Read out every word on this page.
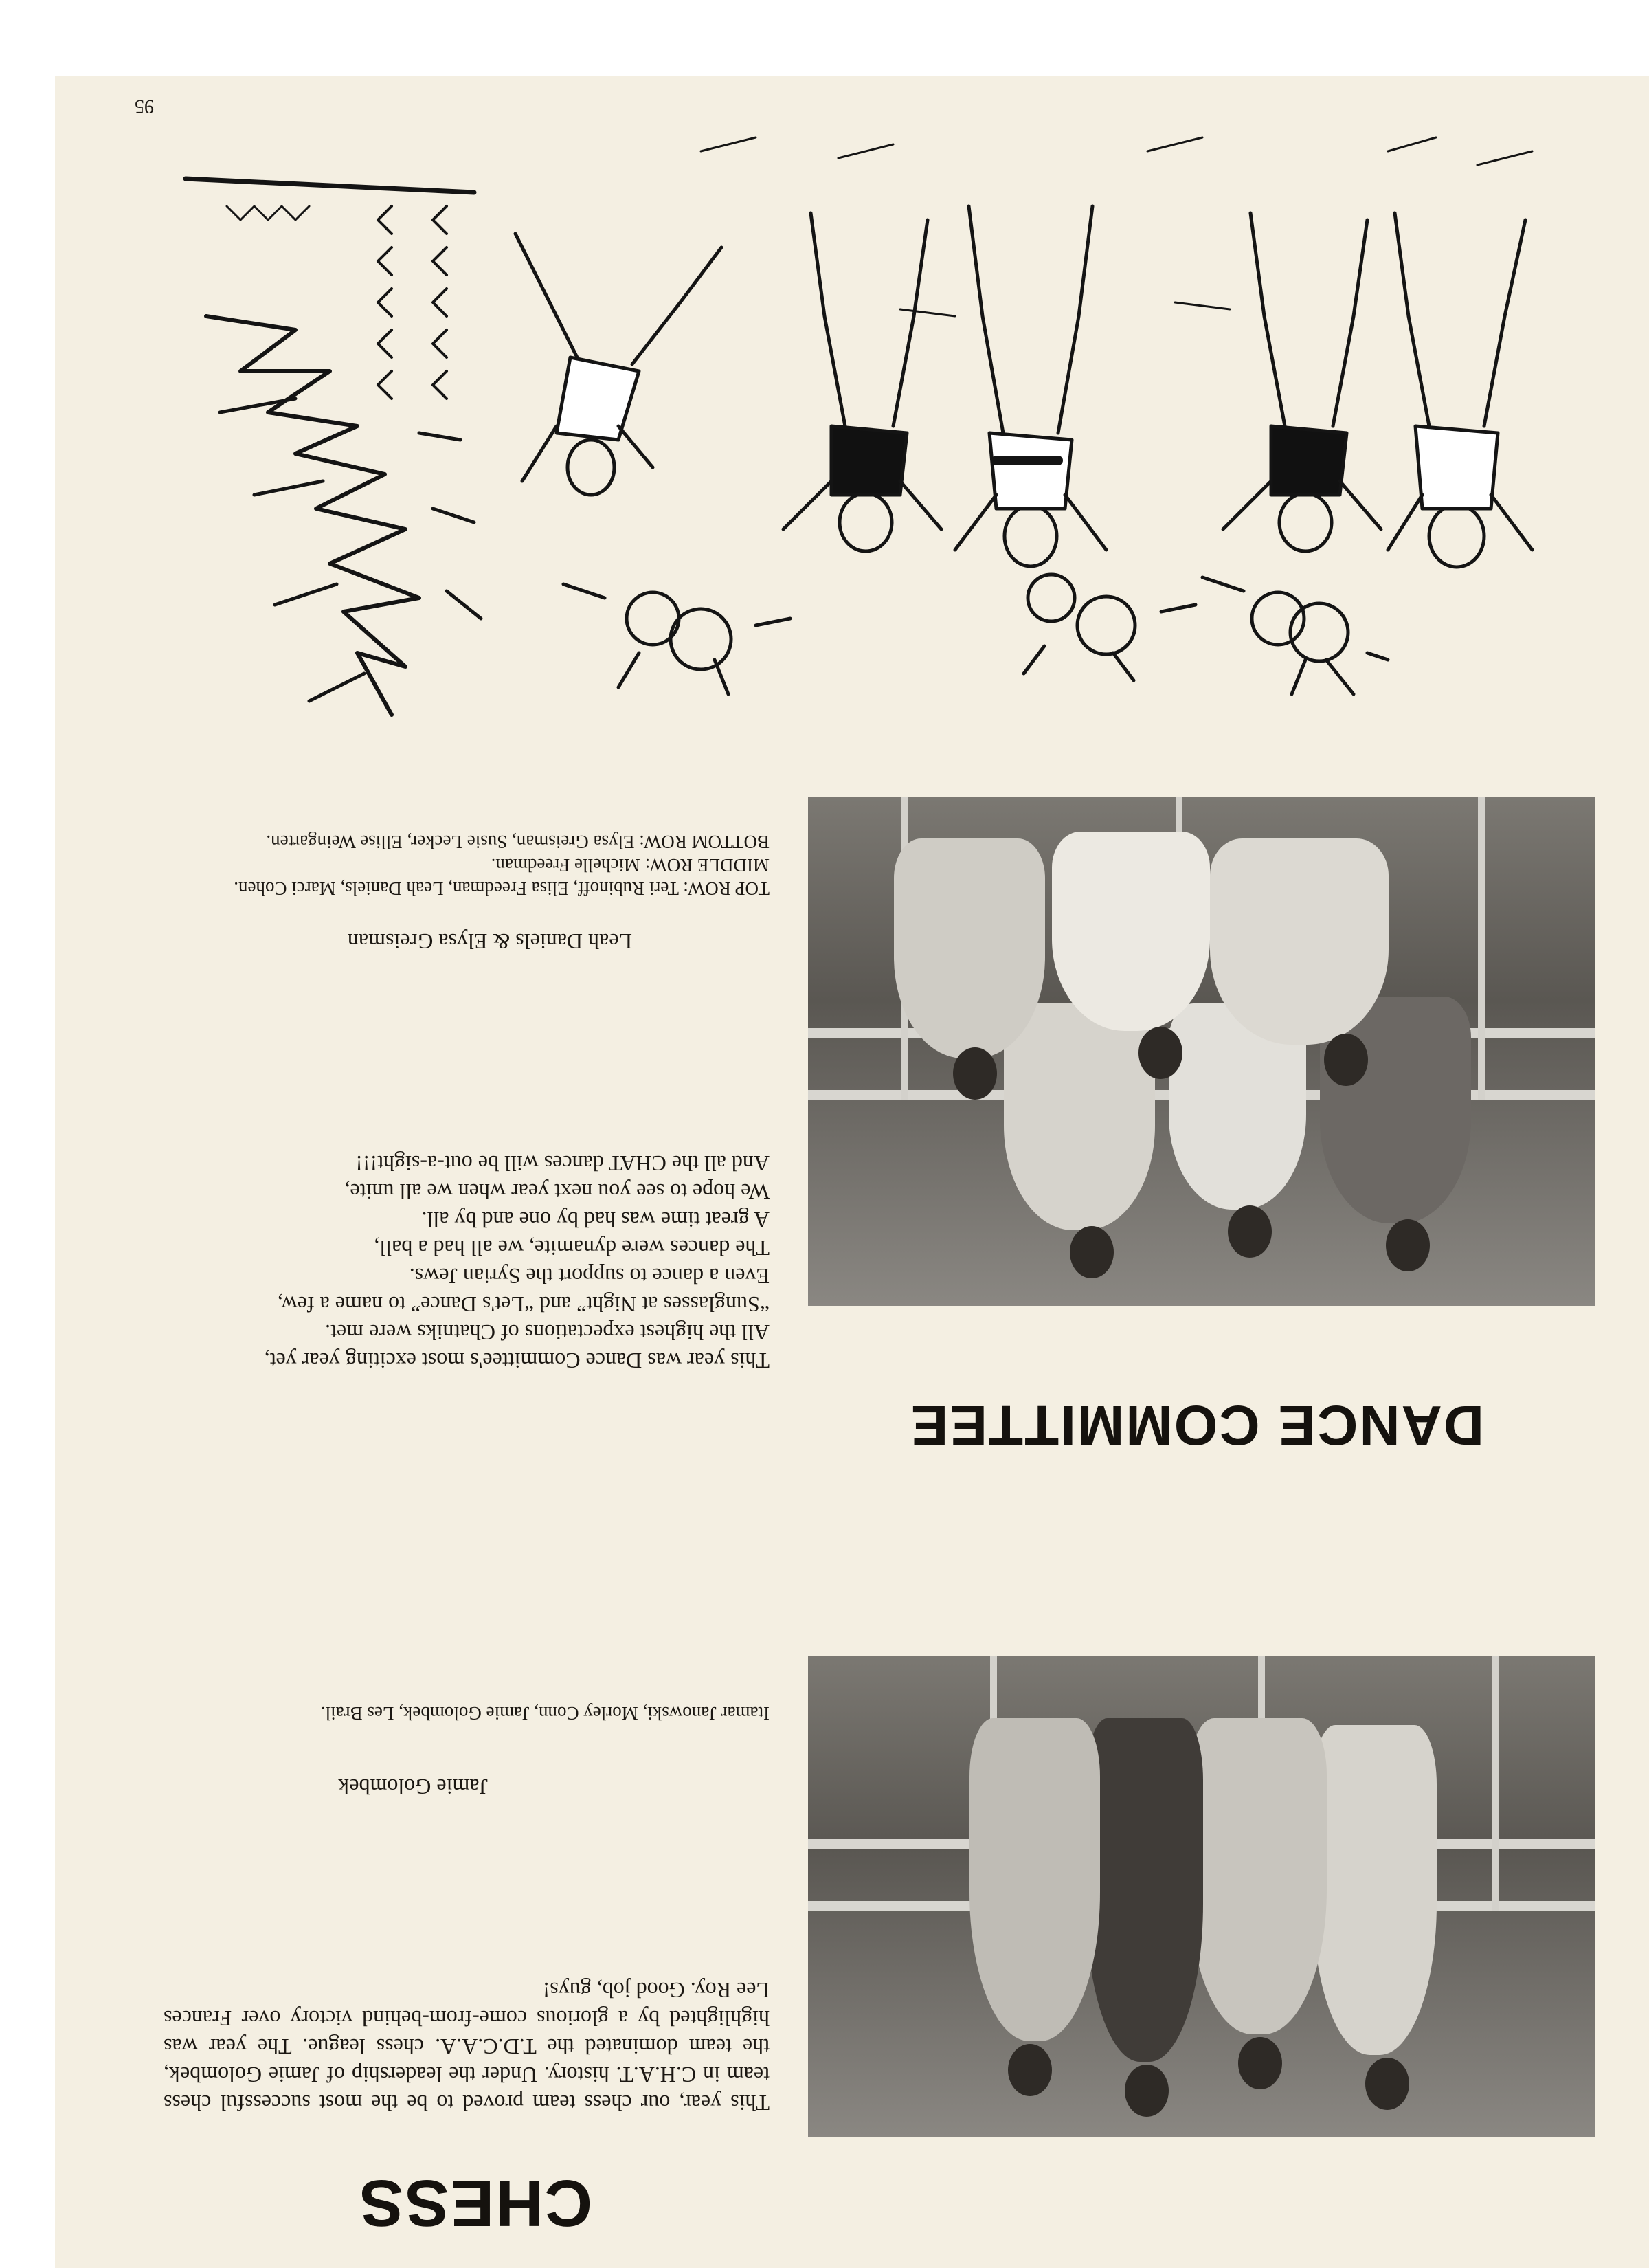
CHESS

This year, our chess team proved to be the most successful chess team in C.H.A.T. history. Under the leadership of Jamie Golombek, the team dominated the T.D.C.A.A. chess league. The year was highlighted by a glorious come-from-behind victory over Frances Lee Roy. Good job, guys!

Jamie Golombek

Itamar Janowski, Morley Conn, Jamie Golombek, Les Brail.

DANCE COMMITTEE

This year was Dance Committee's most exciting year yet,

All the highest expectations of Chatniks were met.

“Sunglasses at Night” and “Let's Dance” to name a few,

Even a dance to support the Syrian Jews.

The dances were dynamite, we all had a ball,

A great time was had by one and by all.

We hope to see you next year when we all unite,

And all the CHAT dances will be out-a-sight!!!

Leah Daniels & Elysa Greisman

TOP ROW: Teri Rubinoff, Elisa Freedman, Leah Daniels, Marci Cohen.

MIDDLE ROW: Michelle Freedman.

BOTTOM ROW: Elysa Greisman, Susie Lecker, Ellise Weingarten.

95
